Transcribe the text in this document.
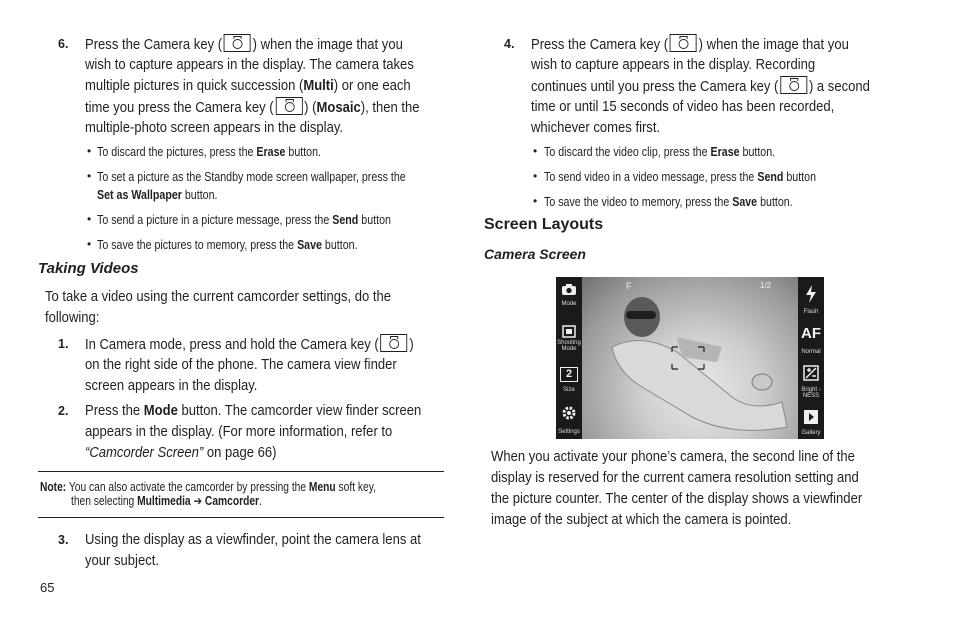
6. Press the Camera key ( ) when the image that you
wish to capture appears in the display. The camera takes
multiple pictures in quick succession (Multi) or one each
time you press the Camera key ( ) (Mosaic), then the
multiple-photo screen appears in the display.
• To discard the pictures, press the Erase button.
• To set a picture as the Standby mode screen wallpaper, press the
Set as Wallpaper button.
• To send a picture in a picture message, press the Send button
• To save the pictures to memory, press the Save button.
Taking Videos
To take a video using the current camcorder settings, do the
following:
1. In Camera mode, press and hold the Camera key ( )
on the right side of the phone. The camera view finder
screen appears in the display.
2. Press the Mode button. The camcorder view finder screen
appears in the display. (For more information, refer to
“Camcorder Screen” on page 66)
Note: You can also activate the camcorder by pressing the Menu soft key,
then selecting Multimedia ➔ Camcorder.
3. Using the display as a viewfinder, point the camera lens at
your subject.
65
4. Press the Camera key ( ) when the image that you
wish to capture appears in the display. Recording
continues until you press the Camera key ( ) a second
time or until 15 seconds of video has been recorded,
whichever comes first.
• To discard the video clip, press the Erase button.
• To send video in a video message, press the Send button
• To save the video to memory, press the Save button.
Screen Layouts
Camera Screen
F	1/2
Mode
Shooting Mode
2
Size
Settings
Flash
AF
Normal
Bright -NESS
Gallery
When you activate your phone’s camera, the second line of the
display is reserved for the current camera resolution setting and
the picture counter. The center of the display shows a viewfinder
image of the subject at which the camera is pointed.
